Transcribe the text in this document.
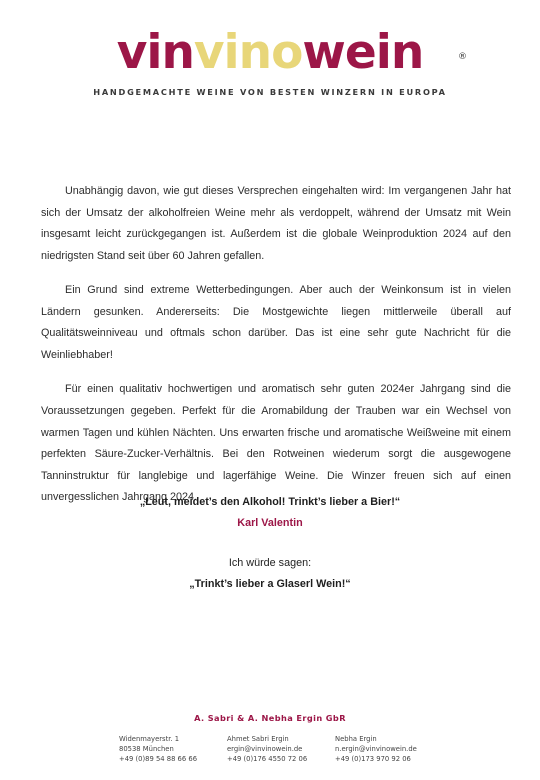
vinvinowein	®
HANDGEMACHTE WEINE VON BESTEN WINZERN IN EUROPA

Unabhängig davon, wie gut dieses Versprechen eingehalten wird: Im vergangenen Jahr hat sich der Umsatz der alkoholfreien Weine mehr als verdoppelt, während der Umsatz mit Wein insgesamt leicht zurückgegangen ist. Außerdem ist die globale Weinproduktion 2024 auf den niedrigsten Stand seit über 60 Jahren gefallen.

Ein Grund sind extreme Wetterbedingungen. Aber auch der Weinkonsum ist in vielen Ländern gesunken. Andererseits: Die Mostgewichte liegen mittlerweile überall auf Qualitätsweinniveau und oftmals schon darüber. Das ist eine sehr gute Nachricht für die Weinliebhaber!

Für einen qualitativ hochwertigen und aromatisch sehr guten 2024er Jahrgang sind die Voraussetzungen gegeben. Perfekt für die Aromabildung der Trauben war ein Wechsel von warmen Tagen und kühlen Nächten. Uns erwarten frische und aromatische Weißweine mit einem perfekten Säure-Zucker-Verhältnis. Bei den Rotweinen wiederum sorgt die ausgewogene Tanninstruktur für langlebige und lagerfähige Weine. Die Winzer freuen sich auf einen unvergesslichen Jahrgang 2024.

„Leut, meidet’s den Alkohol! Trinkt’s lieber a Bier!“
Karl Valentin
Ich würde sagen:
„Trinkt’s lieber a Glaserl Wein!“
A. Sabri & A. Nebha Ergin GbR
Widenmayerstr. 1
80538 München
+49 (0)89 54 88 66 66
Ahmet Sabri Ergin
ergin@vinvinowein.de
+49 (0)176 4550 72 06
Nebha Ergin
n.ergin@vinvinowein.de
+49 (0)173 970 92 06
